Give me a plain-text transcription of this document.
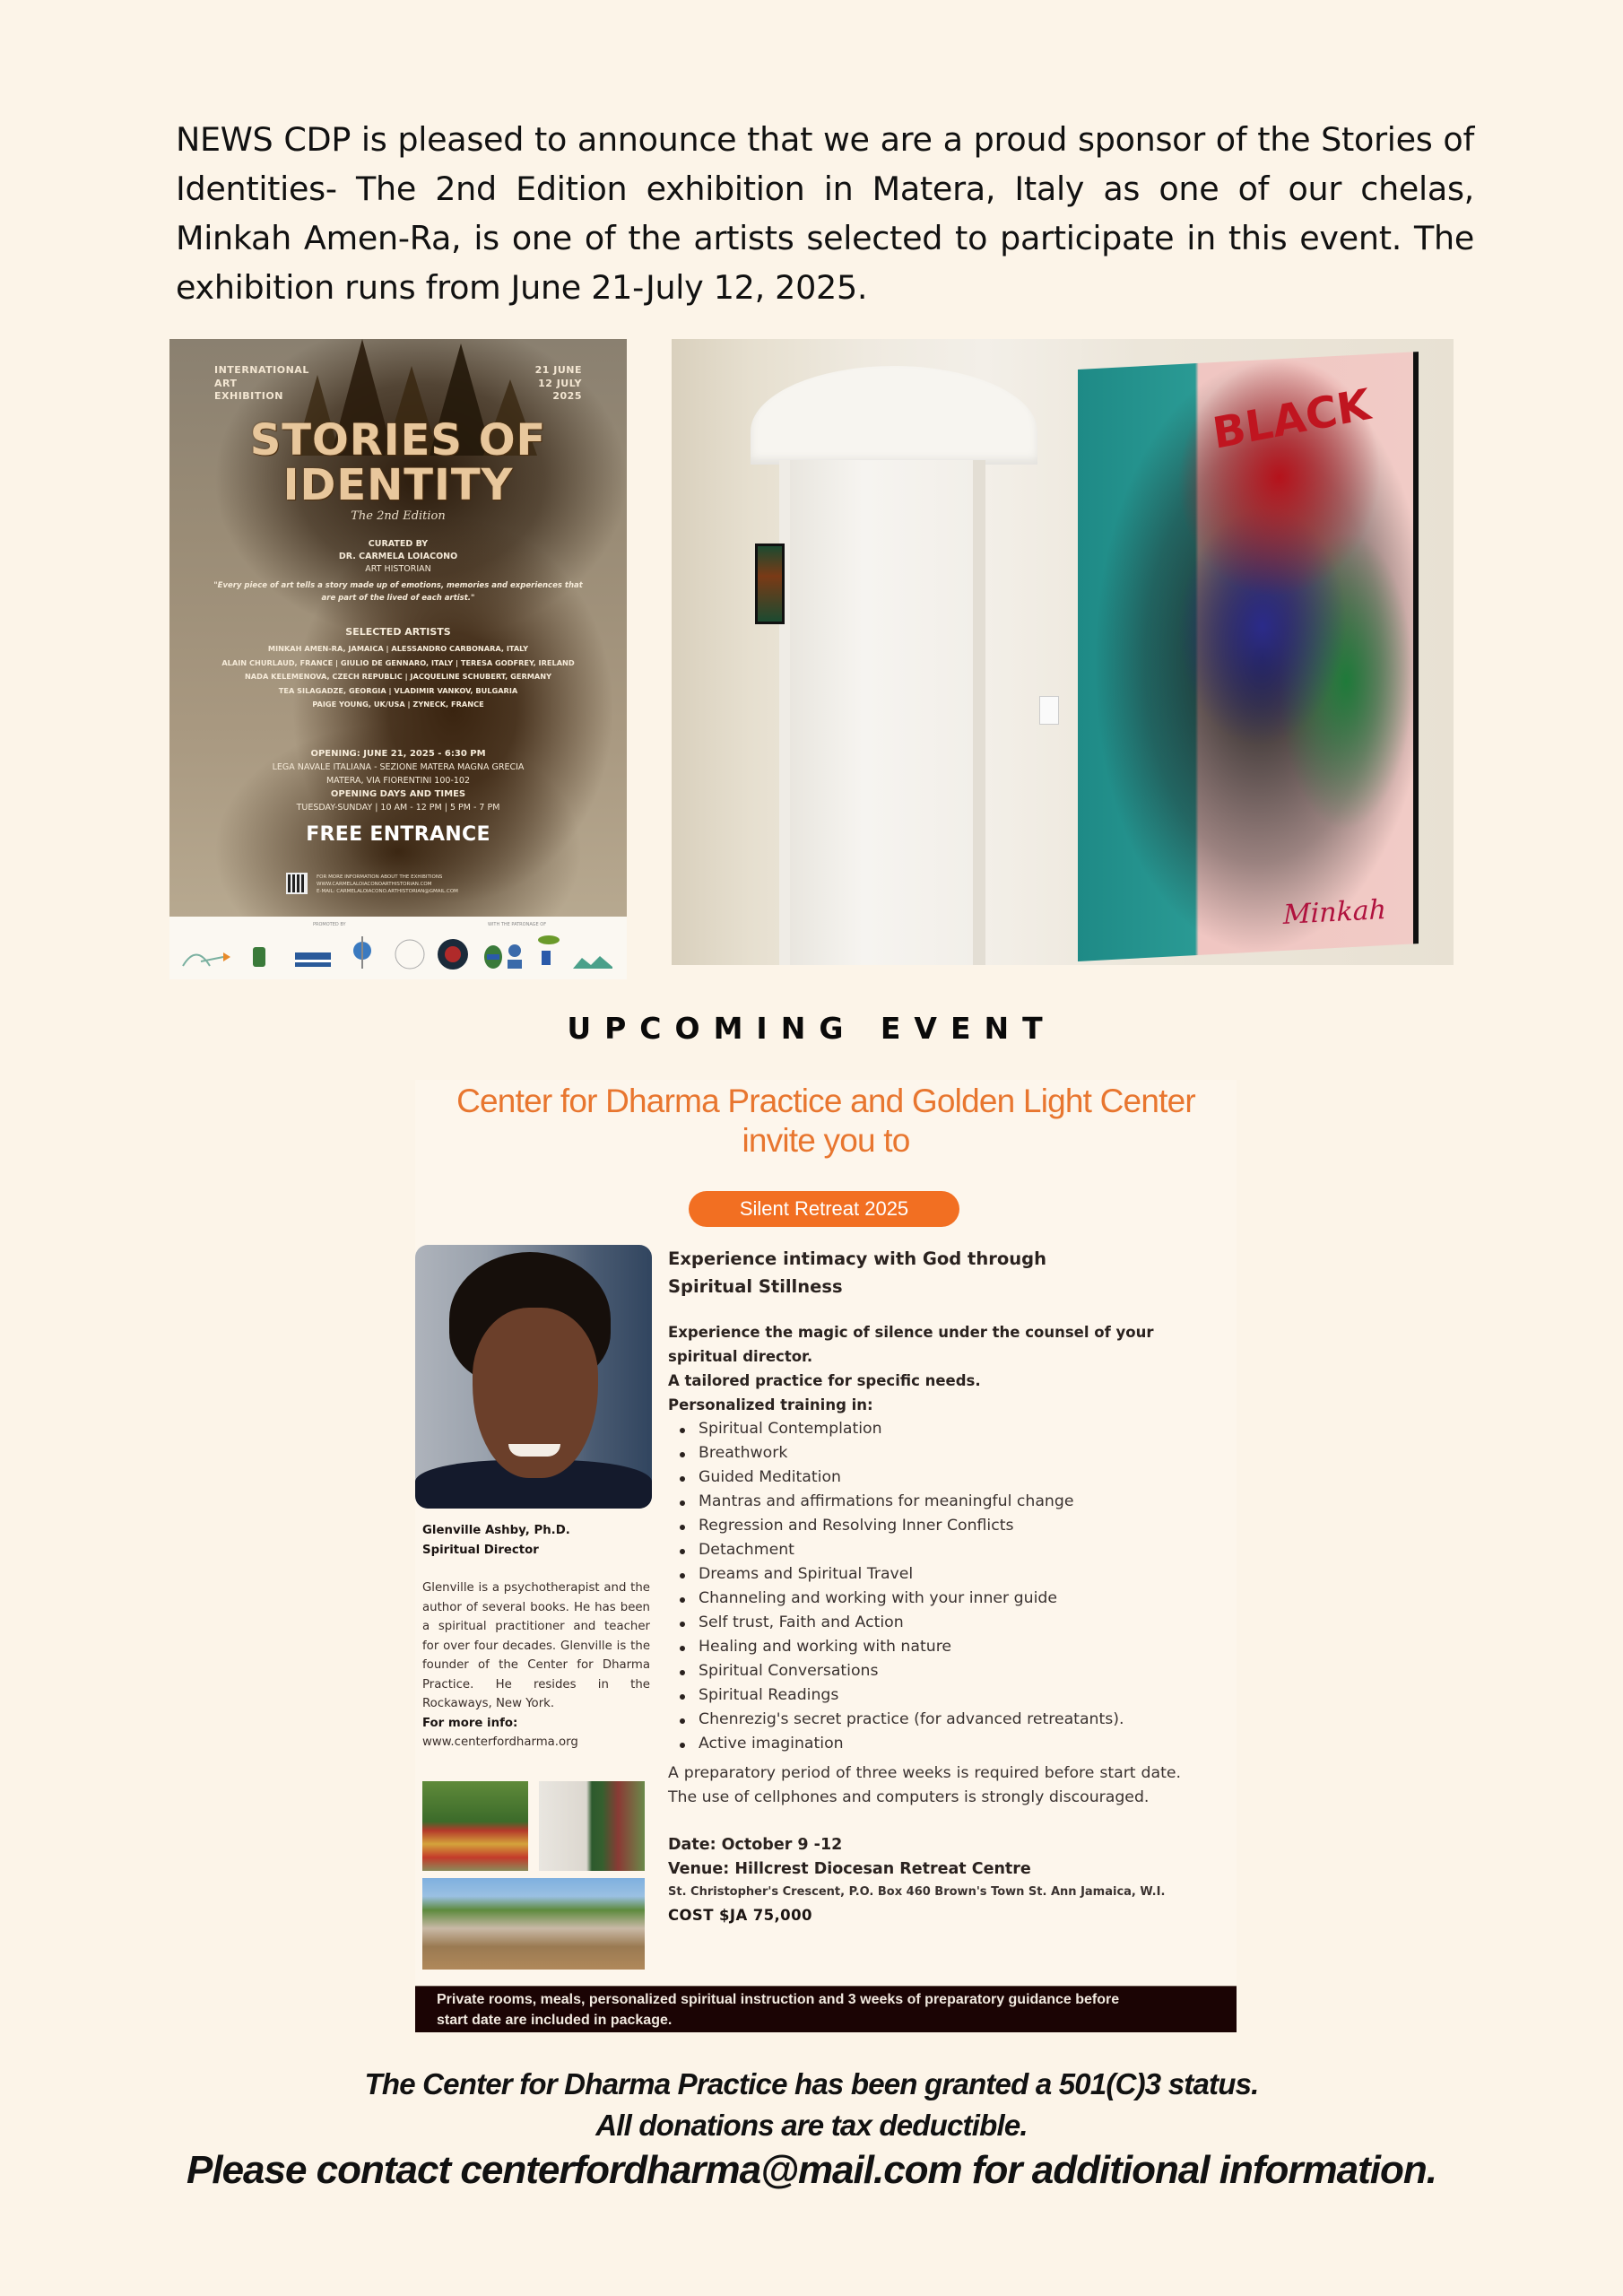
NEWS CDP is pleased to announce that we are a proud sponsor of the Stories of Identities- The 2nd Edition exhibition in Matera, Italy as one of our chelas, Minkah Amen-Ra, is one of the artists selected to participate in this event. The exhibition runs from June 21-July 12, 2025.

INTERNATIONAL
ART
EXHIBITION
21 JUNE
12 JULY
2025
STORIES OF
IDENTITY
The 2nd Edition
CURATED BY
DR. CARMELA LOIACONO
ART HISTORIAN
"Every piece of art tells a story made up of emotions, memories and experiences that are part of the lived of each artist."
SELECTED ARTISTS
MINKAH AMEN-RA, JAMAICA | ALESSANDRO CARBONARA, ITALY
ALAIN CHURLAUD, FRANCE | GIULIO DE GENNARO, ITALY | TERESA GODFREY, IRELAND
NADA KELEMENOVA, CZECH REPUBLIC | JACQUELINE SCHUBERT, GERMANY
TEA SILAGADZE, GEORGIA | VLADIMIR VANKOV, BULGARIA
PAIGE YOUNG, UK/USA | ZYNECK, FRANCE
OPENING: JUNE 21, 2025 - 6:30 PM
LEGA NAVALE ITALIANA - SEZIONE MATERA MAGNA GRECIA
MATERA, VIA FIORENTINI 100-102
OPENING DAYS AND TIMES
TUESDAY-SUNDAY | 10 AM - 12 PM | 5 PM - 7 PM
FREE ENTRANCE
FOR MORE INFORMATION ABOUT THE EXHIBITIONS
WWW.CARMELALOIACONOARTHISTORIAN.COM
E-MAIL: CARMELALOIACONO.ARTHISTORIAN@GMAIL.COM
PROMOTED BY	WITH THE PATRONAGE OF
BLACK
Minkah
UPCOMING EVENT
Center for Dharma Practice and Golden Light Center
invite you to
Silent Retreat 2025
Glenville Ashby, Ph.D.
Spiritual Director

Glenville is a psychotherapist and the author of several books. He has been a spiritual practitioner and teacher for over four decades. Glenville is the founder of the Center for Dharma Practice. He resides in the Rockaways, New York.

For more info:
www.centerfordharma.org
Experience intimacy with God through
Spiritual Stillness
Experience the magic of silence under the counsel of your spiritual director.
A tailored practice for specific needs.
Personalized training in:
Spiritual Contemplation
Breathwork
Guided Meditation
Mantras and affirmations for meaningful change
Regression and Resolving Inner Conflicts
Detachment
Dreams and Spiritual Travel
Channeling and working with your inner guide
Self trust, Faith and Action
Healing and working with nature
Spiritual Conversations
Spiritual Readings
Chenrezig's secret practice (for advanced retreatants).
Active imagination

A preparatory period of three weeks is required before start date. The use of cellphones and computers is strongly discouraged.

Date: October 9 -12
Venue: Hillcrest Diocesan Retreat Centre
St. Christopher's Crescent, P.O. Box 460 Brown's Town St. Ann Jamaica, W.I.
COST $JA 75,000
Private rooms, meals, personalized spiritual instruction and 3 weeks of preparatory guidance before
start date are included in package.
The Center for Dharma Practice has been granted a 501(C)3 status.
All donations are tax deductible.
Please contact centerfordharma@mail.com for additional information.
